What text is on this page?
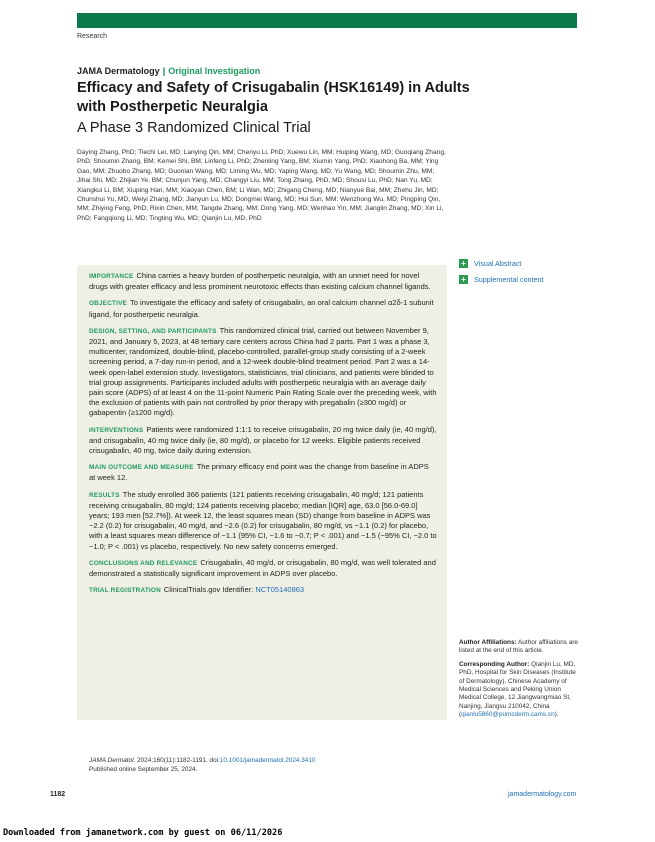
Research
JAMA Dermatology | Original Investigation
Efficacy and Safety of Crisugabalin (HSK16149) in Adults with Postherpetic Neuralgia
A Phase 3 Randomized Clinical Trial
Daying Zhang, PhD; Tiechi Lei, MD; Lanying Qin, MM; Chenyu Li, PhD; Xuewu Lin, MM; Huiping Wang, MD; Guoqiang Zhang, PhD; Shoumin Zhang, BM; Kemei Shi, BM; Linfeng Li, PhD; Zhenling Yang, BM; Xiumin Yang, PhD; Xiaohong Ba, MM; Ying Gao, MM; Zhuobo Zhang, MD; Guonian Wang, MD; Liming Wu, MD; Yaping Wang, MD; Yu Wang, MD; Shoumin Zhu, MM; Jihai Shi, MD; Zhijian Ye, BM; Chunjun Yang, MD; Changyi Liu, MM; Tong Zhang, PhD, MD; Shousi Lu, PhD; Nan Yu, MD; Xiangkui Li, BM; Xiuping Han, MM; Xiaoyan Chen, BM; Li Wan, MD; Zhigang Cheng, MD; Nianyue Bai, MM; Zhehu Jin, MD; Chunshui Yu, MD; Weiyi Zhang, MD; Jianyun Lu, MD; Dongmei Wang, MD; Hui Sun, MM; Wenzhong Wu, MD; Pingping Qin, MM; Zhiying Feng, PhD; Rixin Chen, MM; Tangde Zhang, MM; Dong Yang, MD; Wenhao Yin, MM; Jianglin Zhang, MD; Xin Li, PhD; Fangqiong Li, MD; Tingting Wu, MD; Qianjin Lu, MD, PhD
+	Visual Abstract
+	Supplemental content

IMPORTANCE China carries a heavy burden of postherpetic neuralgia, with an unmet need for novel drugs with greater efficacy and less prominent neurotoxic effects than existing calcium channel ligands.

OBJECTIVE To investigate the efficacy and safety of crisugabalin, an oral calcium channel α2δ-1 subunit ligand, for postherpetic neuralgia.

DESIGN, SETTING, AND PARTICIPANTS This randomized clinical trial, carried out between November 9, 2021, and January 5, 2023, at 48 tertiary care centers across China had 2 parts. Part 1 was a phase 3, multicenter, randomized, double-blind, placebo-controlled, parallel-group study consisting of a 2-week screening period, a 7-day run-in period, and a 12-week double-blind treatment period. Part 2 was a 14-week open-label extension study. Investigators, statisticians, trial clinicians, and patients were blinded to trial group assignments. Participants included adults with postherpetic neuralgia with an average daily pain score (ADPS) of at least 4 on the 11-point Numeric Pain Rating Scale over the preceding week, with the exclusion of patients with pain not controlled by prior therapy with pregabalin (≥300 mg/d) or gabapentin (≥1200 mg/d).

INTERVENTIONS Patients were randomized 1:1:1 to receive crisugabalin, 20 mg twice daily (ie, 40 mg/d), and crisugabalin, 40 mg twice daily (ie, 80 mg/d), or placebo for 12 weeks. Eligible patients received crisugabalin, 40 mg, twice daily during extension.

MAIN OUTCOME AND MEASURE The primary efficacy end point was the change from baseline in ADPS at week 12.

RESULTS The study enrolled 366 patients (121 patients receiving crisugabalin, 40 mg/d; 121 patients receiving crisugabalin, 80 mg/d; 124 patients receiving placebo; median [IQR] age, 63.0 [56.0-69.0] years; 193 men [52.7%]). At week 12, the least squares mean (SD) change from baseline in ADPS was −2.2 (0.2) for crisugabalin, 40 mg/d, and −2.6 (0.2) for crisugabalin, 80 mg/d, vs −1.1 (0.2) for placebo, with a least squares mean difference of −1.1 (95% CI, −1.6 to −0.7; P < .001) and −1.5 (−95% CI, −2.0 to −1.0; P < .001) vs placebo, respectively. No new safety concerns emerged.

CONCLUSIONS AND RELEVANCE Crisugabalin, 40 mg/d, or crisugabalin, 80 mg/d, was well tolerated and demonstrated a statistically significant improvement in ADPS over placebo.

TRIAL REGISTRATION ClinicalTrials.gov Identifier: NCT05140863

JAMA Dermatol. 2024;160(11):1182-1191. doi:10.1001/jamadermatol.2024.3410
Published online September 25, 2024.

Author Affiliations: Author affiliations are listed at the end of this article.

Corresponding Author: Qianjin Lu, MD, PhD, Hospital for Skin Diseases (Institute of Dermatology), Chinese Academy of Medical Sciences and Peking Union Medical College, 12 Jiangwangmiao St, Nanjing, Jiangsu 210042, China (qianlu5860@pumcderm.cams.cn).

1182	jamadermatology.com
Downloaded from jamanetwork.com by guest on 06/11/2026
